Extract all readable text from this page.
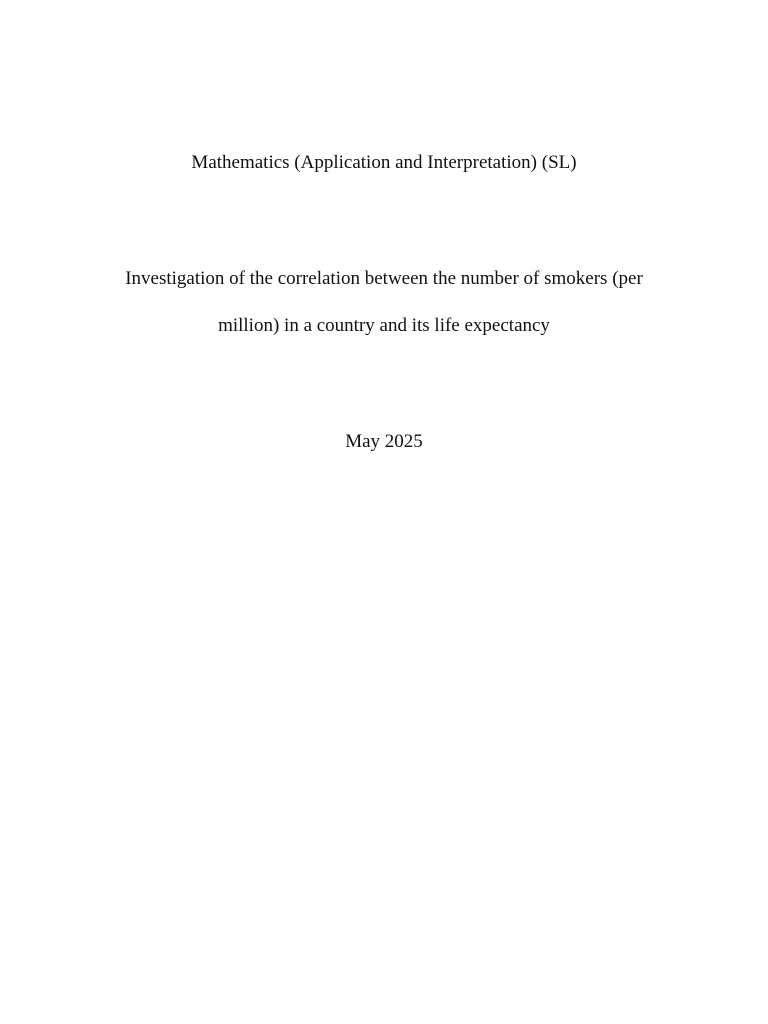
Mathematics (Application and Interpretation) (SL)
Investigation of the correlation between the number of smokers (per
million) in a country and its life expectancy
May 2025
